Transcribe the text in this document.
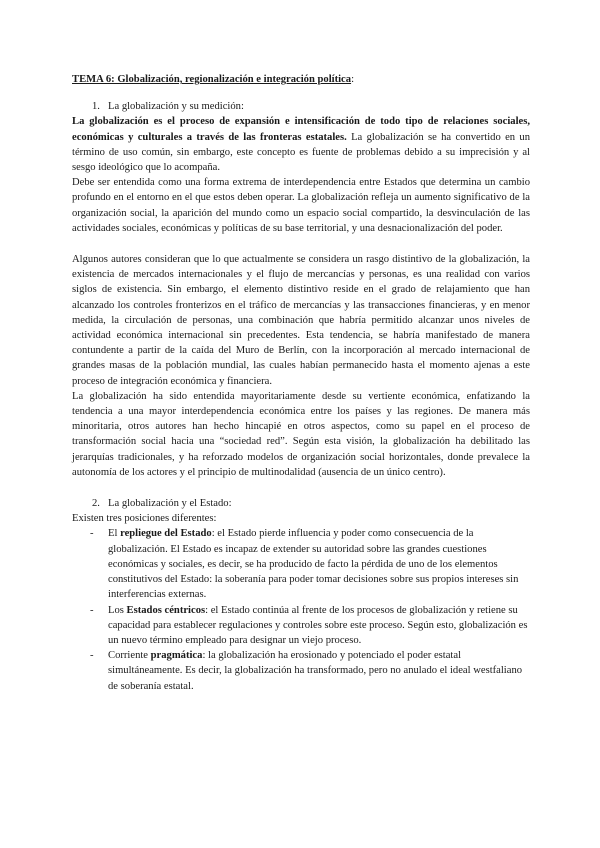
TEMA 6: Globalización, regionalización e integración política:

1. La globalización y su medición:

La globalización es el proceso de expansión e intensificación de todo tipo de relaciones sociales, económicas y culturales a través de las fronteras estatales. La globalización se ha convertido en un término de uso común, sin embargo, este concepto es fuente de problemas debido a su imprecisión y al sesgo ideológico que lo acompaña.

Debe ser entendida como una forma extrema de interdependencia entre Estados que determina un cambio profundo en el entorno en el que estos deben operar. La globalización refleja un aumento significativo de la organización social, la aparición del mundo como un espacio social compartido, la desvinculación de las actividades sociales, económicas y políticas de su base territorial, y una desnacionalización del poder.

Algunos autores consideran que lo que actualmente se considera un rasgo distintivo de la globalización, la existencia de mercados internacionales y el flujo de mercancías y personas, es una realidad con varios siglos de existencia. Sin embargo, el elemento distintivo reside en el grado de relajamiento que han alcanzado los controles fronterizos en el tráfico de mercancías y las transacciones financieras, y en menor medida, la circulación de personas, una combinación que habría permitido alcanzar unos niveles de actividad económica internacional sin precedentes. Esta tendencia, se habría manifestado de manera contundente a partir de la caída del Muro de Berlín, con la incorporación al mercado internacional de grandes masas de la población mundial, las cuales habían permanecido hasta el momento ajenas a este proceso de integración económica y financiera.

La globalización ha sido entendida mayoritariamente desde su vertiente económica, enfatizando la tendencia a una mayor interdependencia económica entre los países y las regiones. De manera más minoritaria, otros autores han hecho hincapié en otros aspectos, como su papel en el proceso de transformación social hacia una “sociedad red”. Según esta visión, la globalización ha debilitado las jerarquías tradicionales, y ha reforzado modelos de organización social horizontales, donde prevalece la autonomía de los actores y el principio de multinodalidad (ausencia de un único centro).

2. La globalización y el Estado:

Existen tres posiciones diferentes:

- El repliegue del Estado: el Estado pierde influencia y poder como consecuencia de la globalización. El Estado es incapaz de extender su autoridad sobre las grandes cuestiones económicas y sociales, es decir, se ha producido de facto la pérdida de uno de los elementos constitutivos del Estado: la soberanía para poder tomar decisiones sobre sus propios intereses sin interferencias externas.
- Los Estados céntricos: el Estado continúa al frente de los procesos de globalización y retiene su capacidad para establecer regulaciones y controles sobre este proceso. Según esto, globalización es un nuevo término empleado para designar un viejo proceso.
- Corriente pragmática: la globalización ha erosionado y potenciado el poder estatal simultáneamente. Es decir, la globalización ha transformado, pero no anulado el ideal westfaliano de soberanía estatal.
